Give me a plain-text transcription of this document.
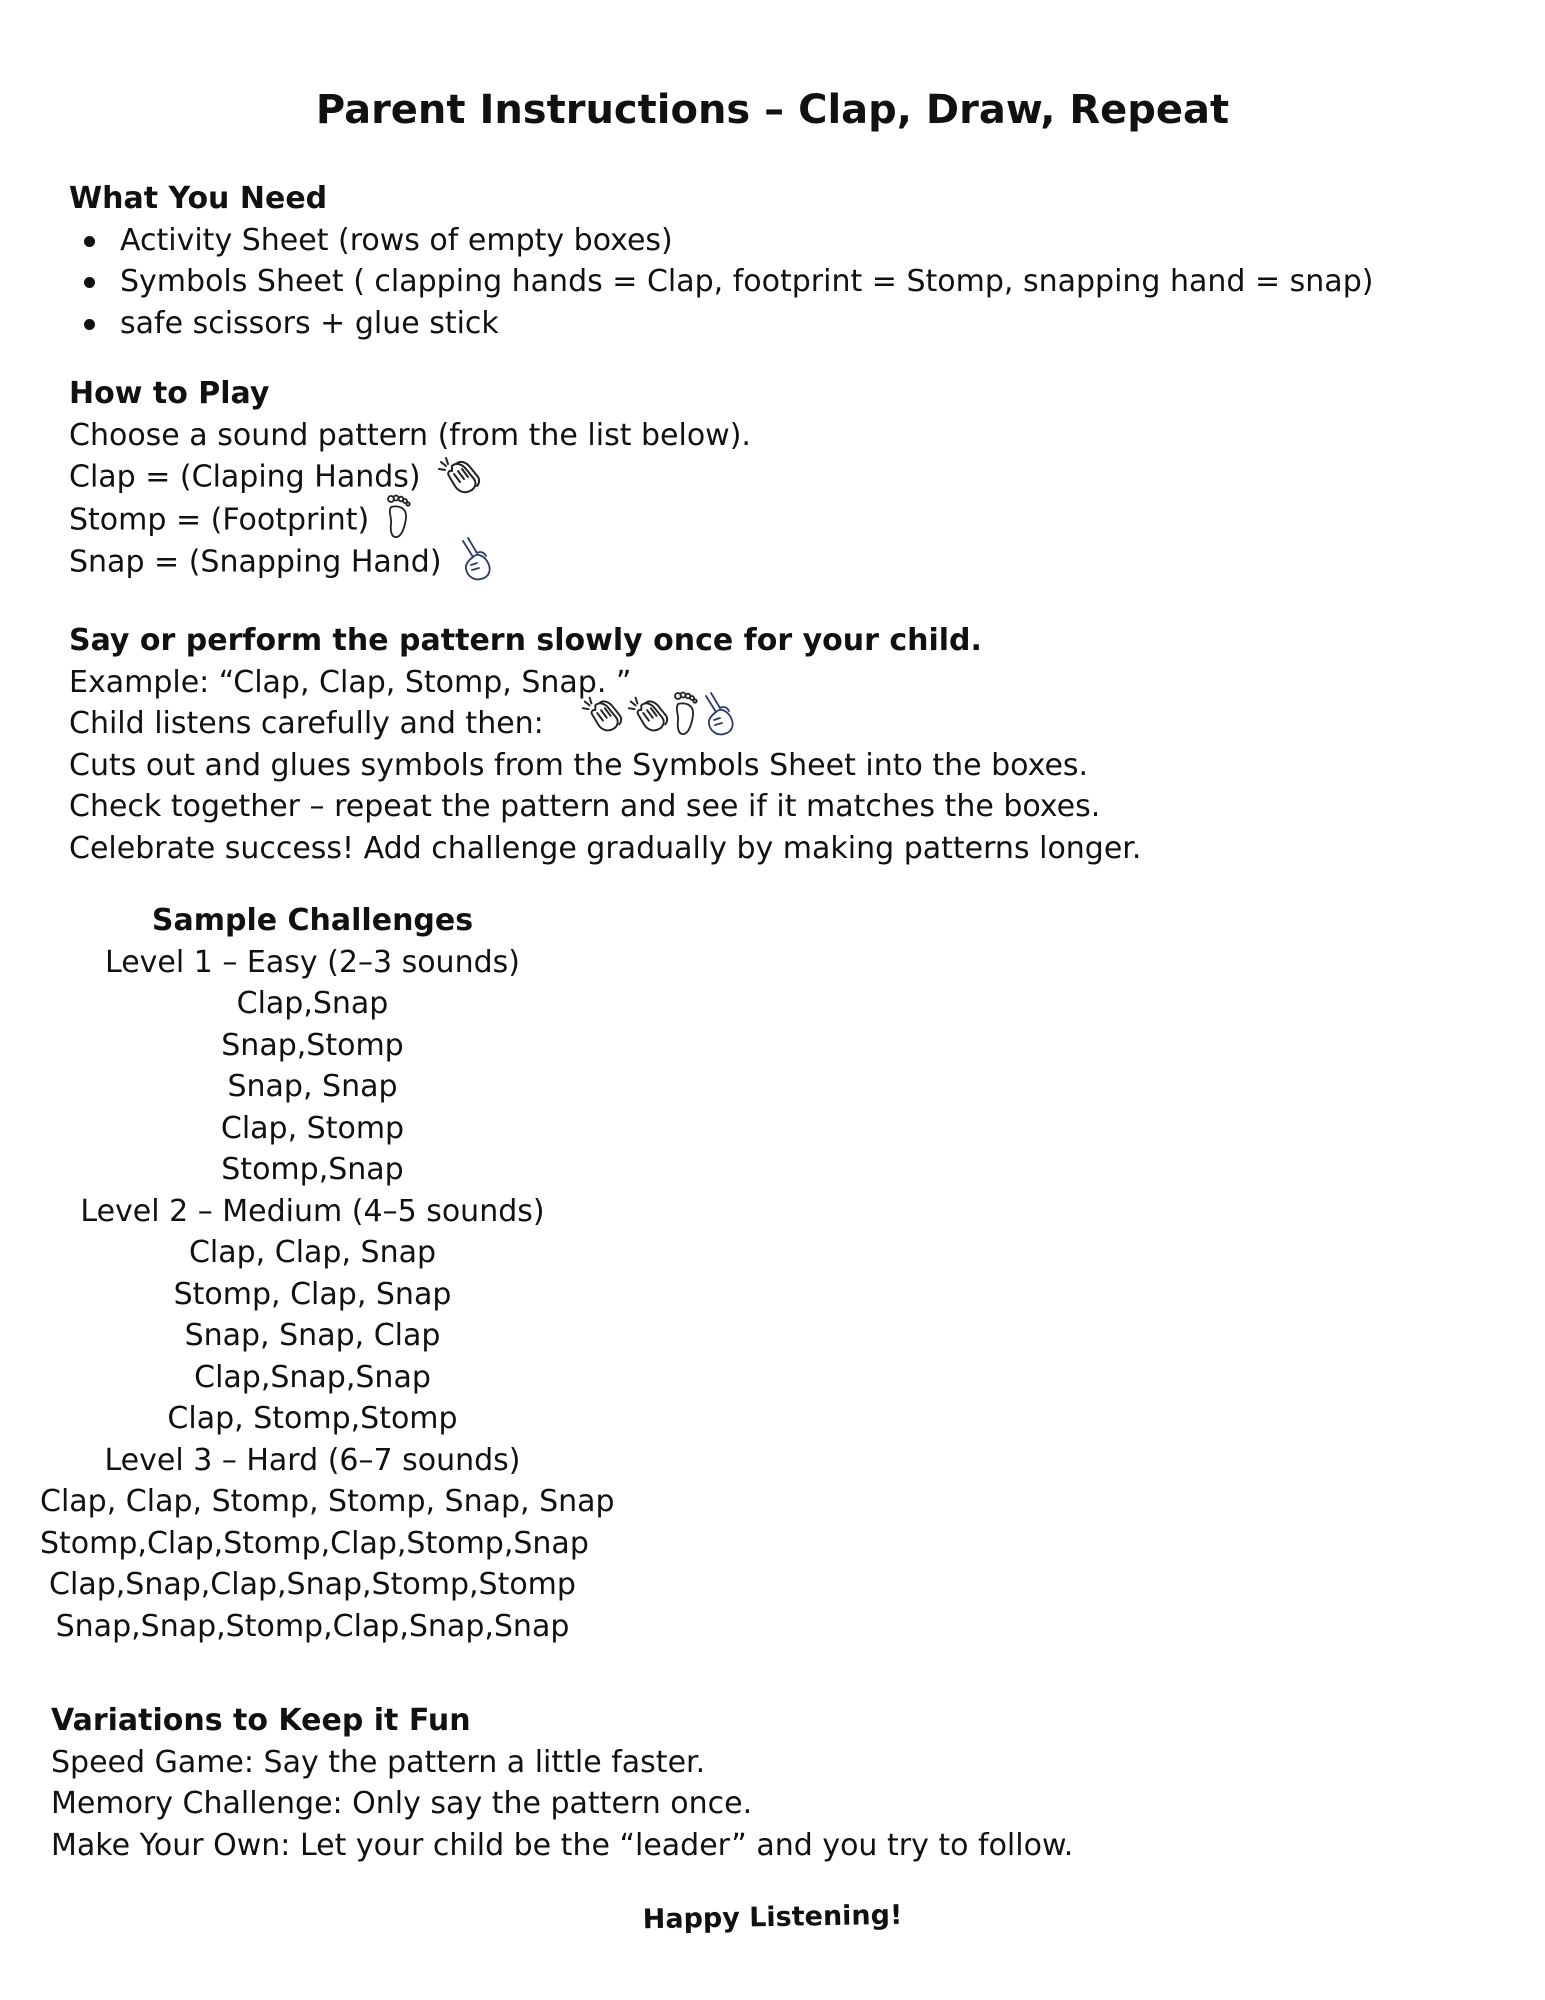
Parent Instructions – Clap, Draw, Repeat
What You Need
Activity Sheet (rows of empty boxes)
Symbols Sheet ( clapping hands = Clap, footprint = Stomp, snapping hand = snap)
safe scissors + glue stick
How to Play
Choose a sound pattern (from the list below).
Clap = (Claping Hands)
Stomp = (Footprint)
Snap = (Snapping Hand)
Say or perform the pattern slowly once for your child.
Example: “Clap, Clap, Stomp, Snap. ”
Child listens carefully and then:
Cuts out and glues symbols from the Symbols Sheet into the boxes.
Check together – repeat the pattern and see if it matches the boxes.
Celebrate success! Add challenge gradually by making patterns longer.
Sample Challenges
Level 1 – Easy (2–3 sounds)
Clap,Snap
Snap,Stomp
Snap, Snap
Clap, Stomp
Stomp,Snap
Level 2 – Medium (4–5 sounds)
Clap, Clap, Snap
Stomp, Clap, Snap
Snap, Snap, Clap
Clap,Snap,Snap
Clap, Stomp,Stomp
Level 3 – Hard (6–7 sounds)
Clap, Clap, Stomp, Stomp, Snap, Snap
Stomp,Clap,Stomp,Clap,Stomp,Snap
Clap,Snap,Clap,Snap,Stomp,Stomp
Snap,Snap,Stomp,Clap,Snap,Snap
Variations to Keep it Fun
Speed Game: Say the pattern a little faster.
Memory Challenge: Only say the pattern once.
Make Your Own: Let your child be the “leader” and you try to follow.
Happy Listening!
